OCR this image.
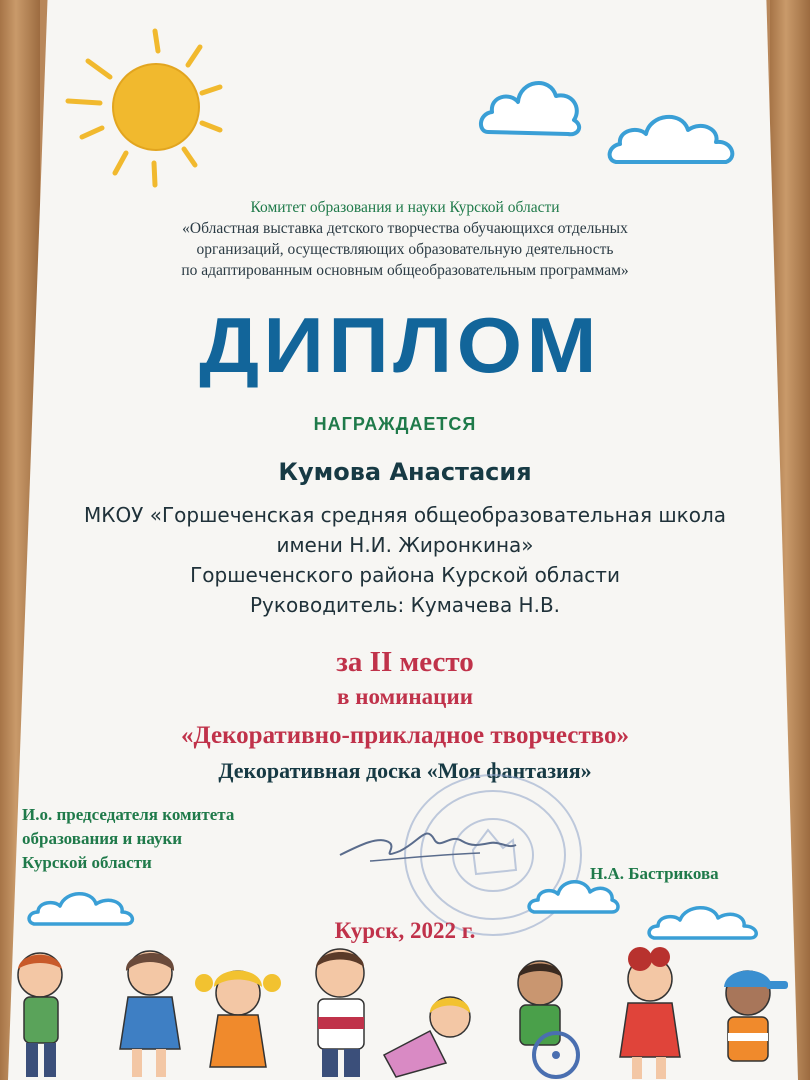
Комитет образования и науки Курской области
«Областная выставка детского творчества обучающихся отдельных
организаций, осуществляющих образовательную деятельность
по адаптированным основным общеобразовательным программам»
ДИПЛОМ
НАГРАЖДАЕТСЯ
Кумова Анастасия
МКОУ «Горшеченская средняя общеобразовательная школа
имени Н.И. Жиронкина»
Горшеченского района Курской области
Руководитель: Кумачева Н.В.
за II место
в номинации
«Декоративно-прикладное творчество»
Декоративная доска «Моя фантазия»
И.о. председателя комитета
образования и науки
Курской области
Н.А. Бастрикова
Курск, 2022 г.
